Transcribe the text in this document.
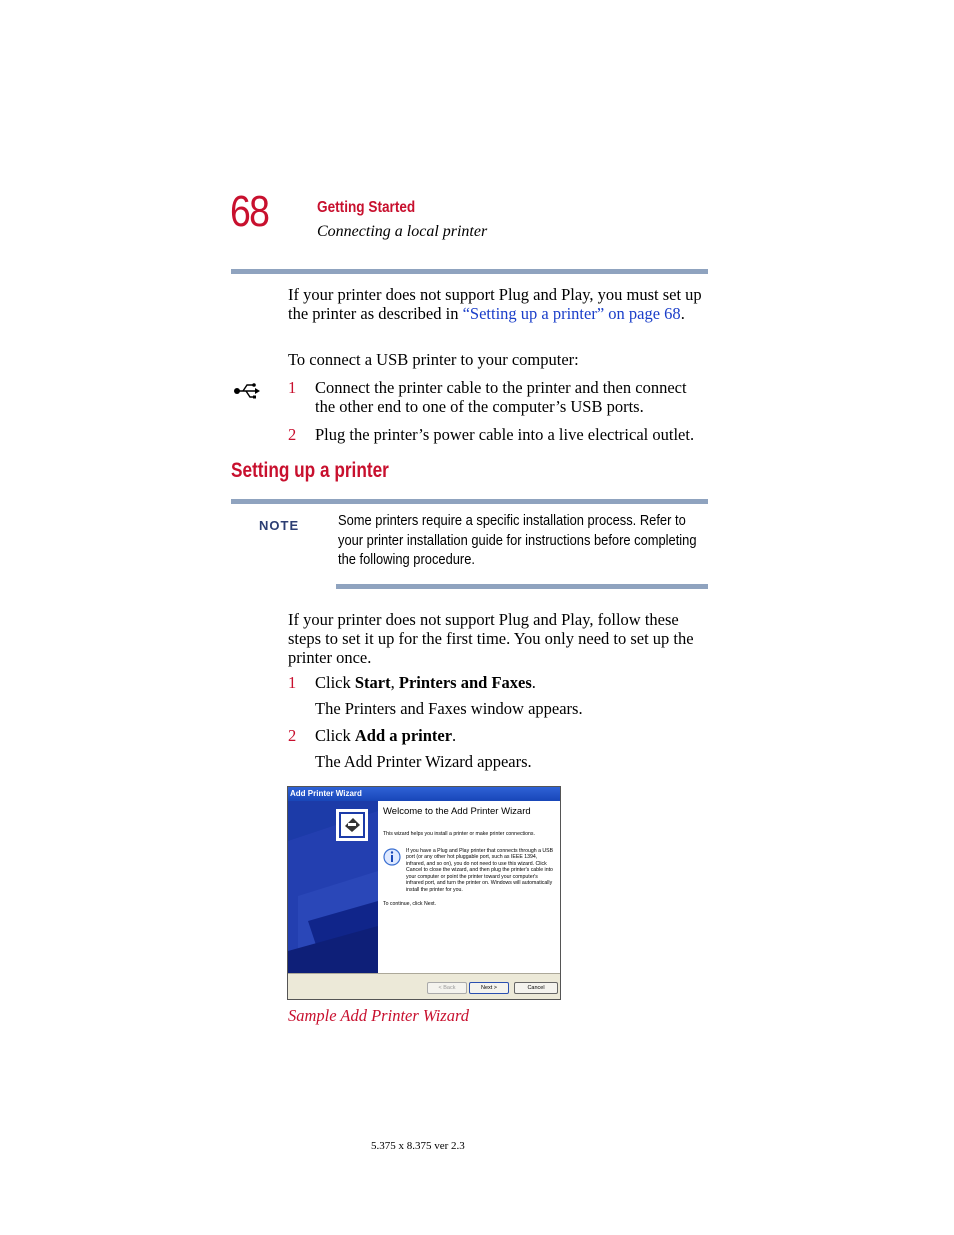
68	Getting Started
Connecting a local printer
If your printer does not support Plug and Play, you must set up the printer as described in “Setting up a printer” on page 68.
To connect a USB printer to your computer:
1 Connect the printer cable to the printer and then connect the other end to one of the computer’s USB ports.
2 Plug the printer’s power cable into a live electrical outlet.
Setting up a printer
NOTE	Some printers require a specific installation process. Refer to your printer installation guide for instructions before completing the following procedure.
If your printer does not support Plug and Play, follow these steps to set it up for the first time. You only need to set up the printer once.
1 Click Start, Printers and Faxes.
The Printers and Faxes window appears.
2 Click Add a printer.
The Add Printer Wizard appears.
Add Printer Wizard
Welcome to the Add Printer Wizard
This wizard helps you install a printer or make printer connections.
If you have a Plug and Play printer that connects through a USB port (or any other hot pluggable port, such as IEEE 1394, infrared, and so on), you do not need to use this wizard. Click Cancel to close the wizard, and then plug the printer's cable into your computer or point the printer toward your computer's infrared port, and turn the printer on. Windows will automatically install the printer for you.
To continue, click Next.
< Back	Next >	Cancel
Sample Add Printer Wizard
5.375 x 8.375 ver 2.3
